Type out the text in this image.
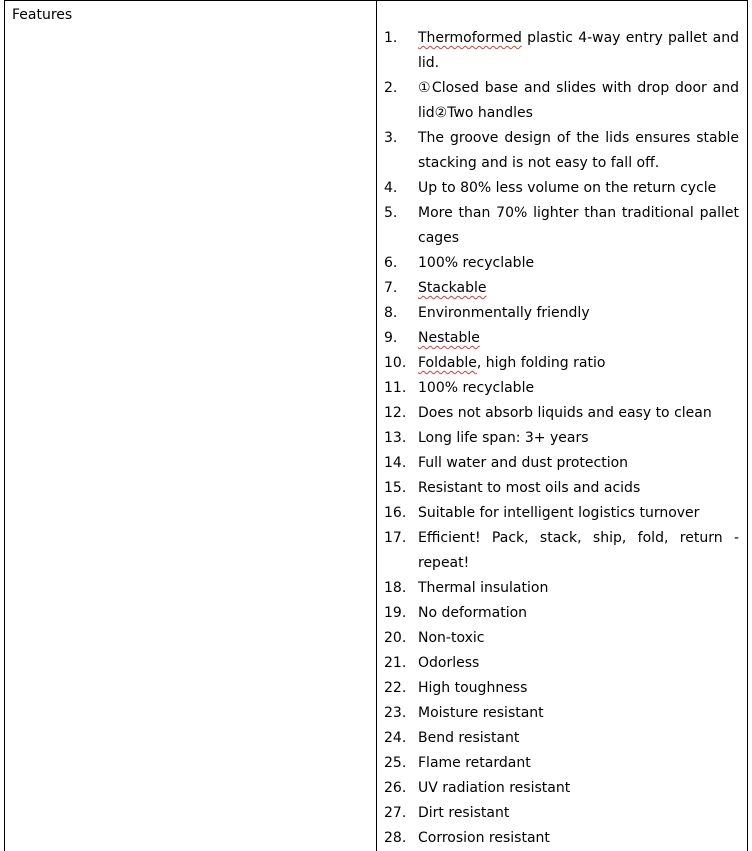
Features

1.	Thermoformed plastic 4-way entry pallet and lid.
2.	①Closed base and slides with drop door and lid②Two handles
3.	The groove design of the lids ensures stable stacking and is not easy to fall off.
4.	Up to 80% less volume on the return cycle
5.	More than 70% lighter than traditional pallet cages
6.	100% recyclable
7.	Stackable
8.	Environmentally friendly
9.	Nestable
10. Foldable, high folding ratio
11. 100% recyclable
12. Does not absorb liquids and easy to clean
13. Long life span: 3+ years
14. Full water and dust protection
15. Resistant to most oils and acids
16. Suitable for intelligent logistics turnover
17. Efficient! Pack, stack, ship, fold, return - repeat!
18. Thermal insulation
19. No deformation
20. Non-toxic
21. Odorless
22. High toughness
23. Moisture resistant
24. Bend resistant
25. Flame retardant
26. UV radiation resistant
27. Dirt resistant
28. Corrosion resistant
